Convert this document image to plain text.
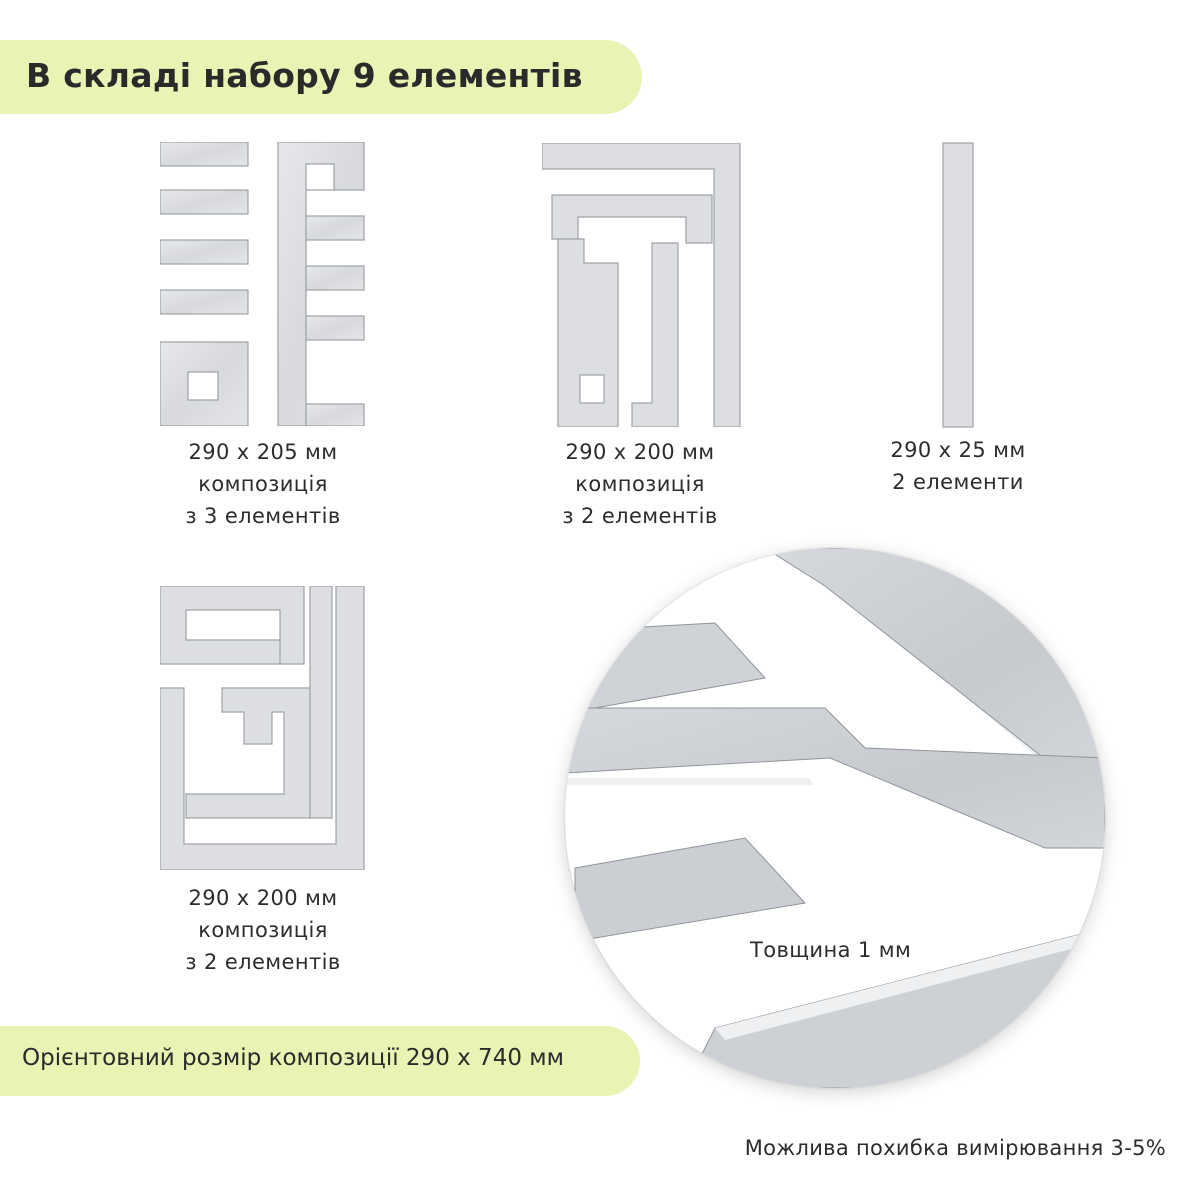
В складі набору 9 елементів
290 x 205 мм
композиція
з 3 елементів
290 x 200 мм
композиція
з 2 елементів
290 x 25 мм
2 елементи
290 x 200 мм
композиція
з 2 елементів	Товщина 1 мм
Орієнтовний розмір композиції 290 х 740 мм
Можлива похибка вимірювання 3-5%
